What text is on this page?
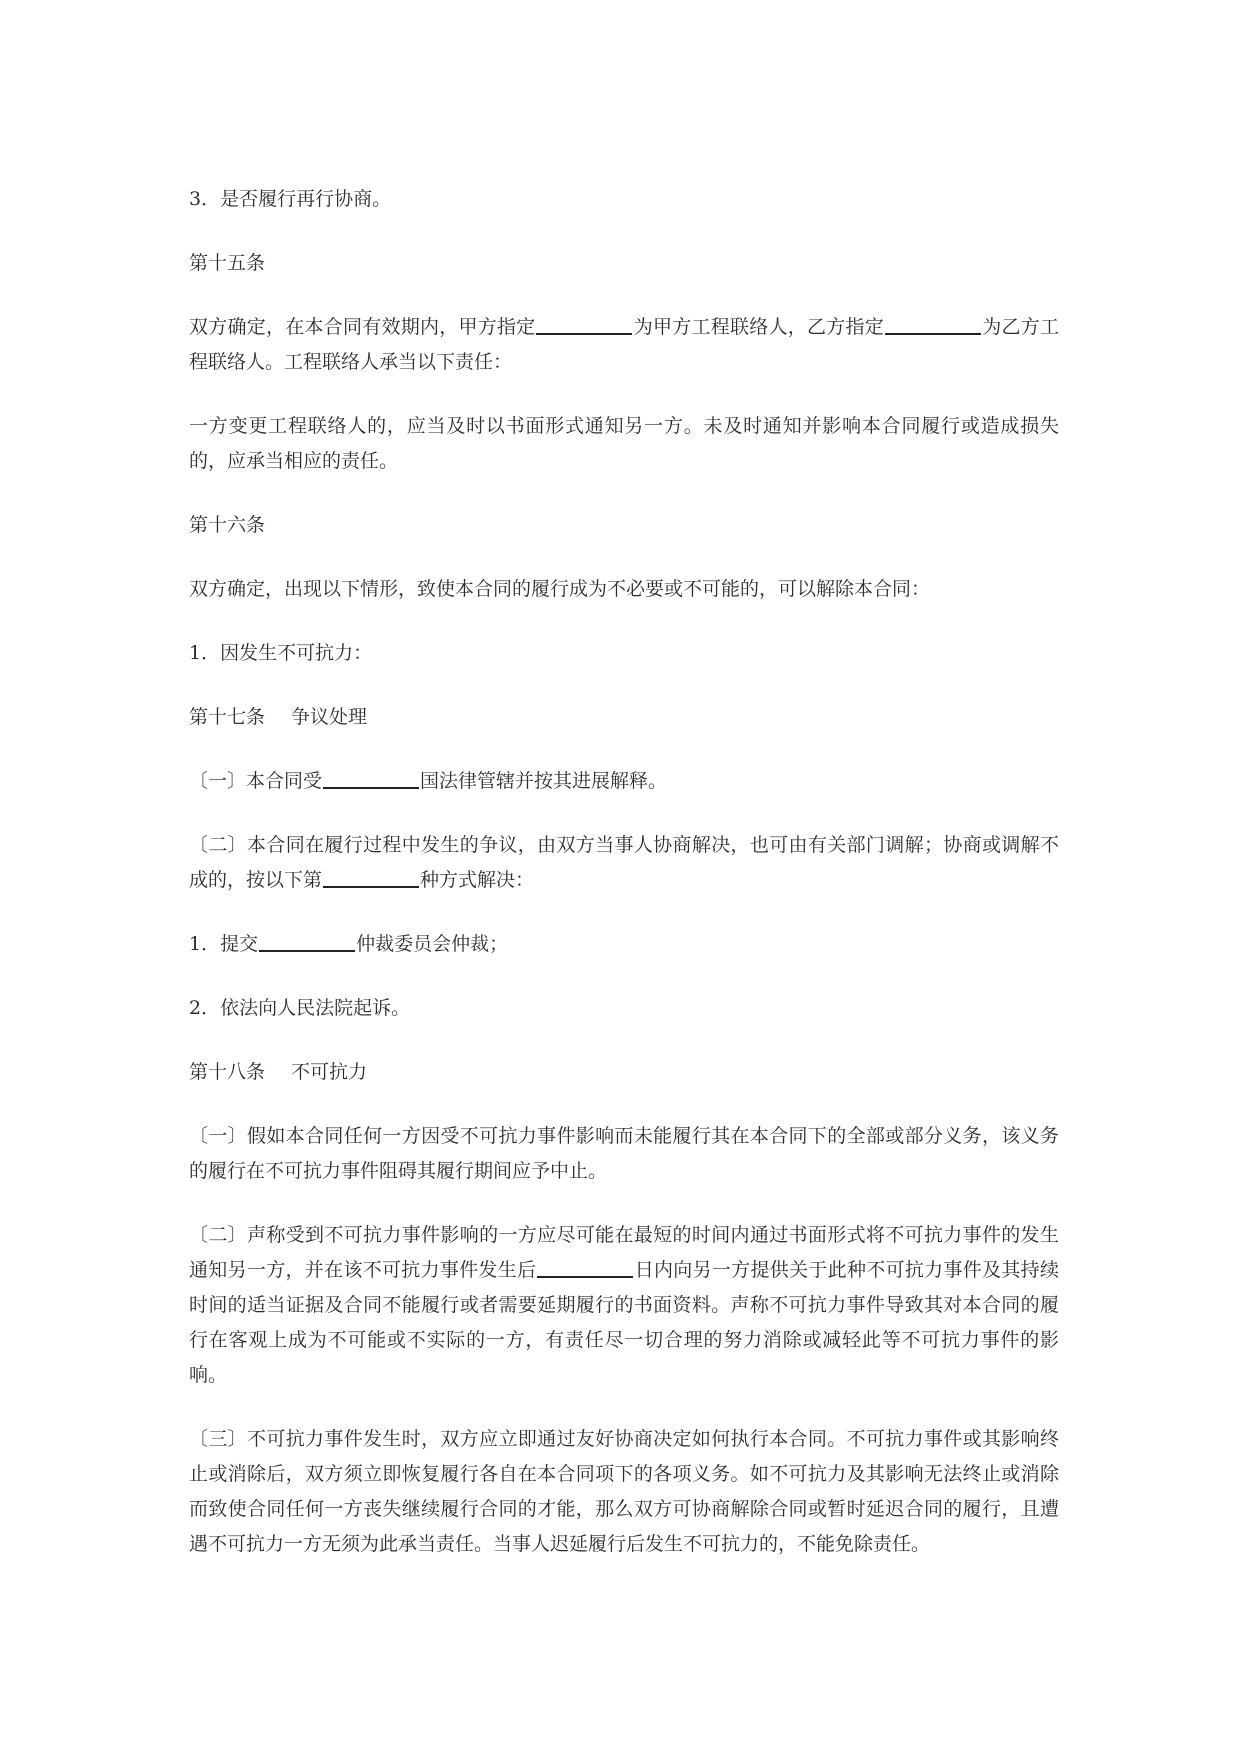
3．是否履行再行协商。

第十五条

双方确定，在本合同有效期内，甲方指定	为甲方工程联络人，乙方指定	为乙方工程联络人。工程联络人承当以下责任：

一方变更工程联络人的，应当及时以书面形式通知另一方。未及时通知并影响本合同履行或造成损失的，应承当相应的责任。

第十六条

双方确定，出现以下情形，致使本合同的履行成为不必要或不可能的，可以解除本合同：

1．因发生不可抗力：

第十七条 争议处理

〔一〕本合同受	国法律管辖并按其进展解释。

〔二〕本合同在履行过程中发生的争议，由双方当事人协商解决，也可由有关部门调解；协商或调解不成的，按以下第	种方式解决：

1．提交	仲裁委员会仲裁；

2．依法向人民法院起诉。

第十八条 不可抗力

〔一〕假如本合同任何一方因受不可抗力事件影响而未能履行其在本合同下的全部或部分义务，该义务的履行在不可抗力事件阻碍其履行期间应予中止。

〔二〕声称受到不可抗力事件影响的一方应尽可能在最短的时间内通过书面形式将不可抗力事件的发生通知另一方，并在该不可抗力事件发生后	日内向另一方提供关于此种不可抗力事件及其持续时间的适当证据及合同不能履行或者需要延期履行的书面资料。声称不可抗力事件导致其对本合同的履行在客观上成为不可能或不实际的一方，有责任尽一切合理的努力消除或减轻此等不可抗力事件的影响。

〔三〕不可抗力事件发生时，双方应立即通过友好协商决定如何执行本合同。不可抗力事件或其影响终止或消除后，双方须立即恢复履行各自在本合同项下的各项义务。如不可抗力及其影响无法终止或消除而致使合同任何一方丧失继续履行合同的才能，那么双方可协商解除合同或暂时延迟合同的履行，且遭遇不可抗力一方无须为此承当责任。当事人迟延履行后发生不可抗力的，不能免除责任。
